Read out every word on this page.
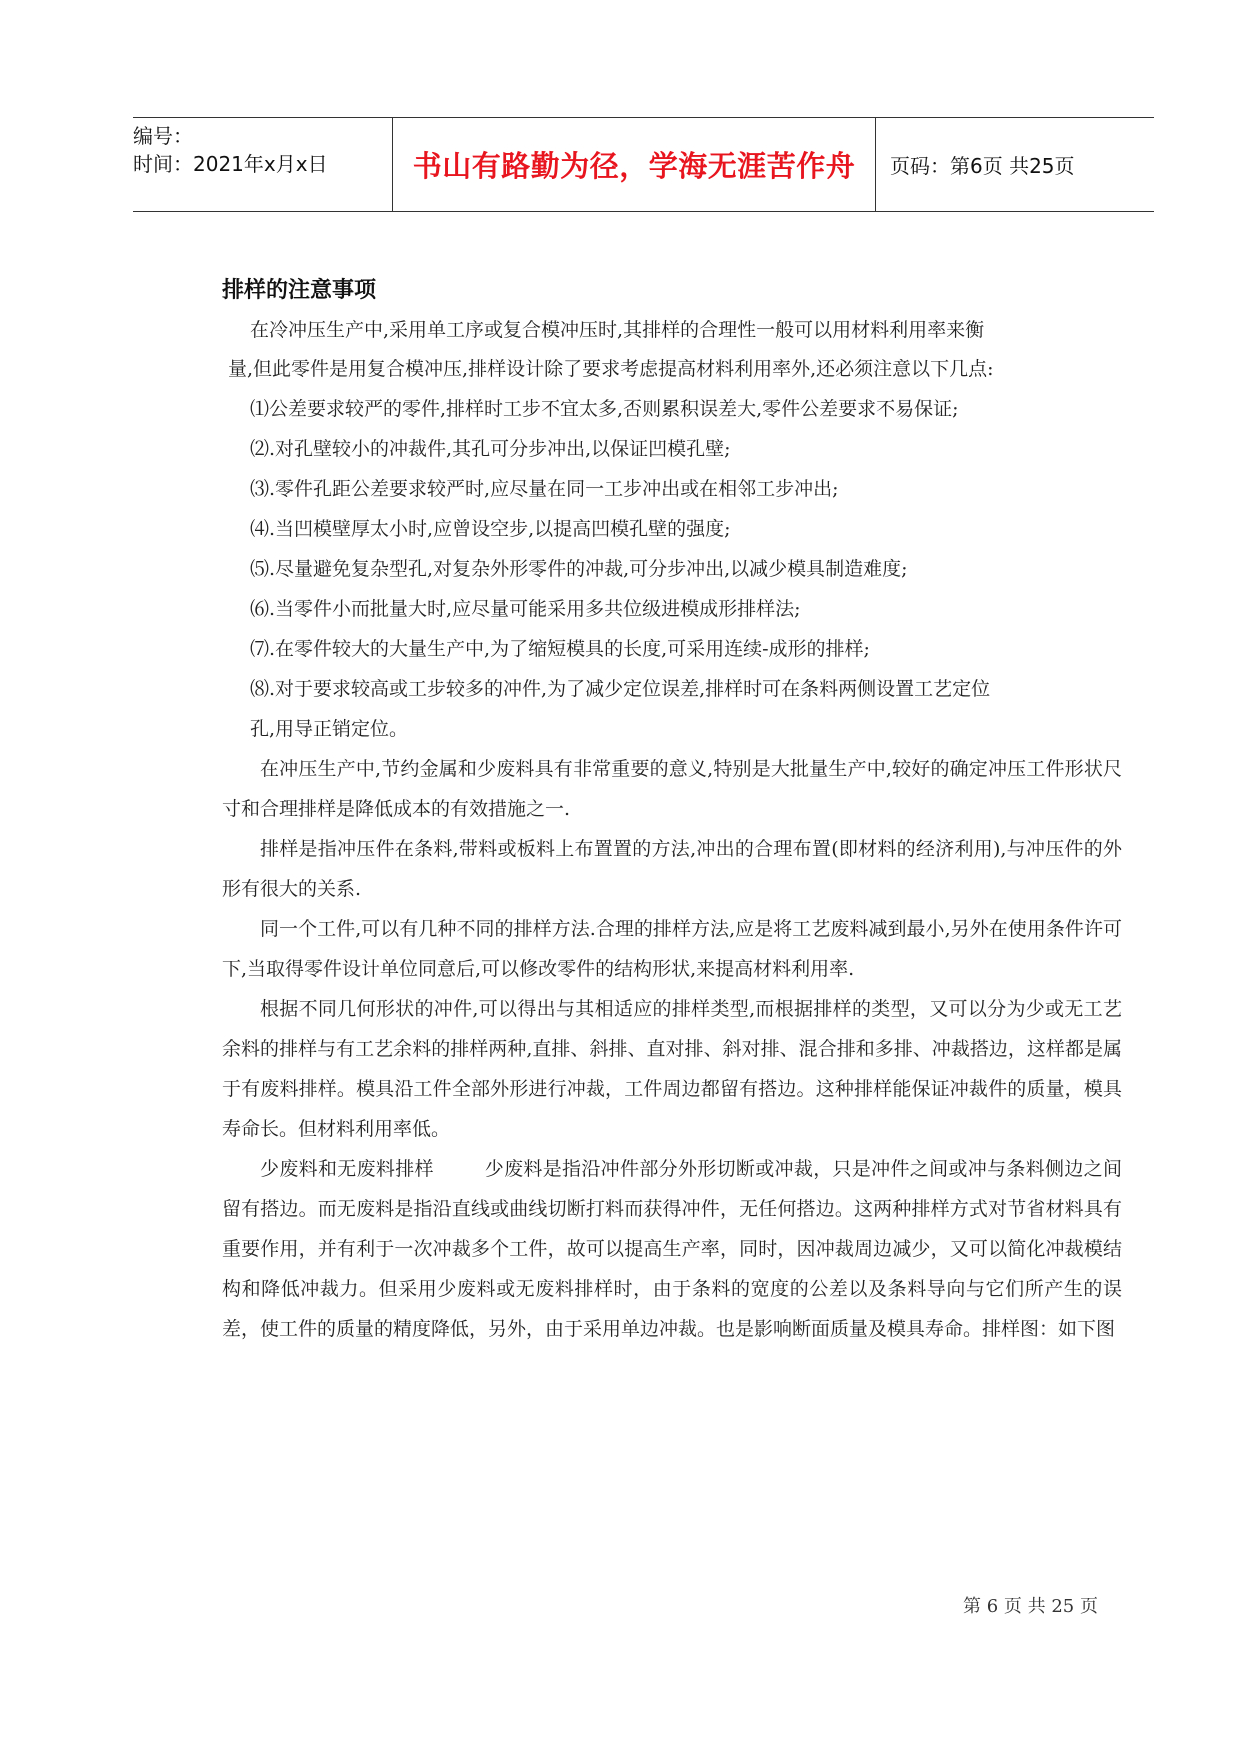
编号：
时间：2021年x月x日	书山有路勤为径，学海无涯苦作舟	页码：第6页 共25页
排样的注意事项

在冷冲压生产中,采用单工序或复合模冲压时,其排样的合理性一般可以用材料利用率来衡

量,但此零件是用复合模冲压,排样设计除了要求考虑提高材料利用率外,还必须注意以下几点:

⑴公差要求较严的零件,排样时工步不宜太多,否则累积误差大,零件公差要求不易保证;

⑵.对孔壁较小的冲裁件,其孔可分步冲出,以保证凹模孔壁;

⑶.零件孔距公差要求较严时,应尽量在同一工步冲出或在相邻工步冲出;

⑷.当凹模壁厚太小时,应曾设空步,以提高凹模孔壁的强度;

⑸.尽量避免复杂型孔,对复杂外形零件的冲裁,可分步冲出,以减少模具制造难度;

⑹.当零件小而批量大时,应尽量可能采用多共位级进模成形排样法;

⑺.在零件较大的大量生产中,为了缩短模具的长度,可采用连续-成形的排样;

⑻.对于要求较高或工步较多的冲件,为了减少定位误差,排样时可在条料两侧设置工艺定位

孔,用导正销定位。

在冲压生产中,节约金属和少废料具有非常重要的意义,特别是大批量生产中,较好的确定冲压工件形状尺寸和合理排样是降低成本的有效措施之一.

排样是指冲压件在条料,带料或板料上布置置的方法,冲出的合理布置(即材料的经济利用),与冲压件的外形有很大的关系.

同一个工件,可以有几种不同的排样方法.合理的排样方法,应是将工艺废料减到最小,另外在使用条件许可下,当取得零件设计单位同意后,可以修改零件的结构形状,来提高材料利用率.

根据不同几何形状的冲件,可以得出与其相适应的排样类型,而根据排样的类型，又可以分为少或无工艺余料的排样与有工艺余料的排样两种,直排、斜排、直对排、斜对排、混合排和多排、冲裁搭边，这样都是属于有废料排样。模具沿工件全部外形进行冲裁，工件周边都留有搭边。这种排样能保证冲裁件的质量，模具寿命长。但材料利用率低。

少废料和无废料排样        少废料是指沿冲件部分外形切断或冲裁，只是冲件之间或冲与条料侧边之间留有搭边。而无废料是指沿直线或曲线切断打料而获得冲件，无任何搭边。这两种排样方式对节省材料具有重要作用，并有利于一次冲裁多个工件，故可以提高生产率，同时，因冲裁周边减少，又可以简化冲裁模结构和降低冲裁力。但采用少废料或无废料排样时，由于条料的宽度的公差以及条料导向与它们所产生的误差，使工件的质量的精度降低，另外，由于采用单边冲裁。也是影响断面质量及模具寿命。排样图：如下图

第 6 页 共 25 页
